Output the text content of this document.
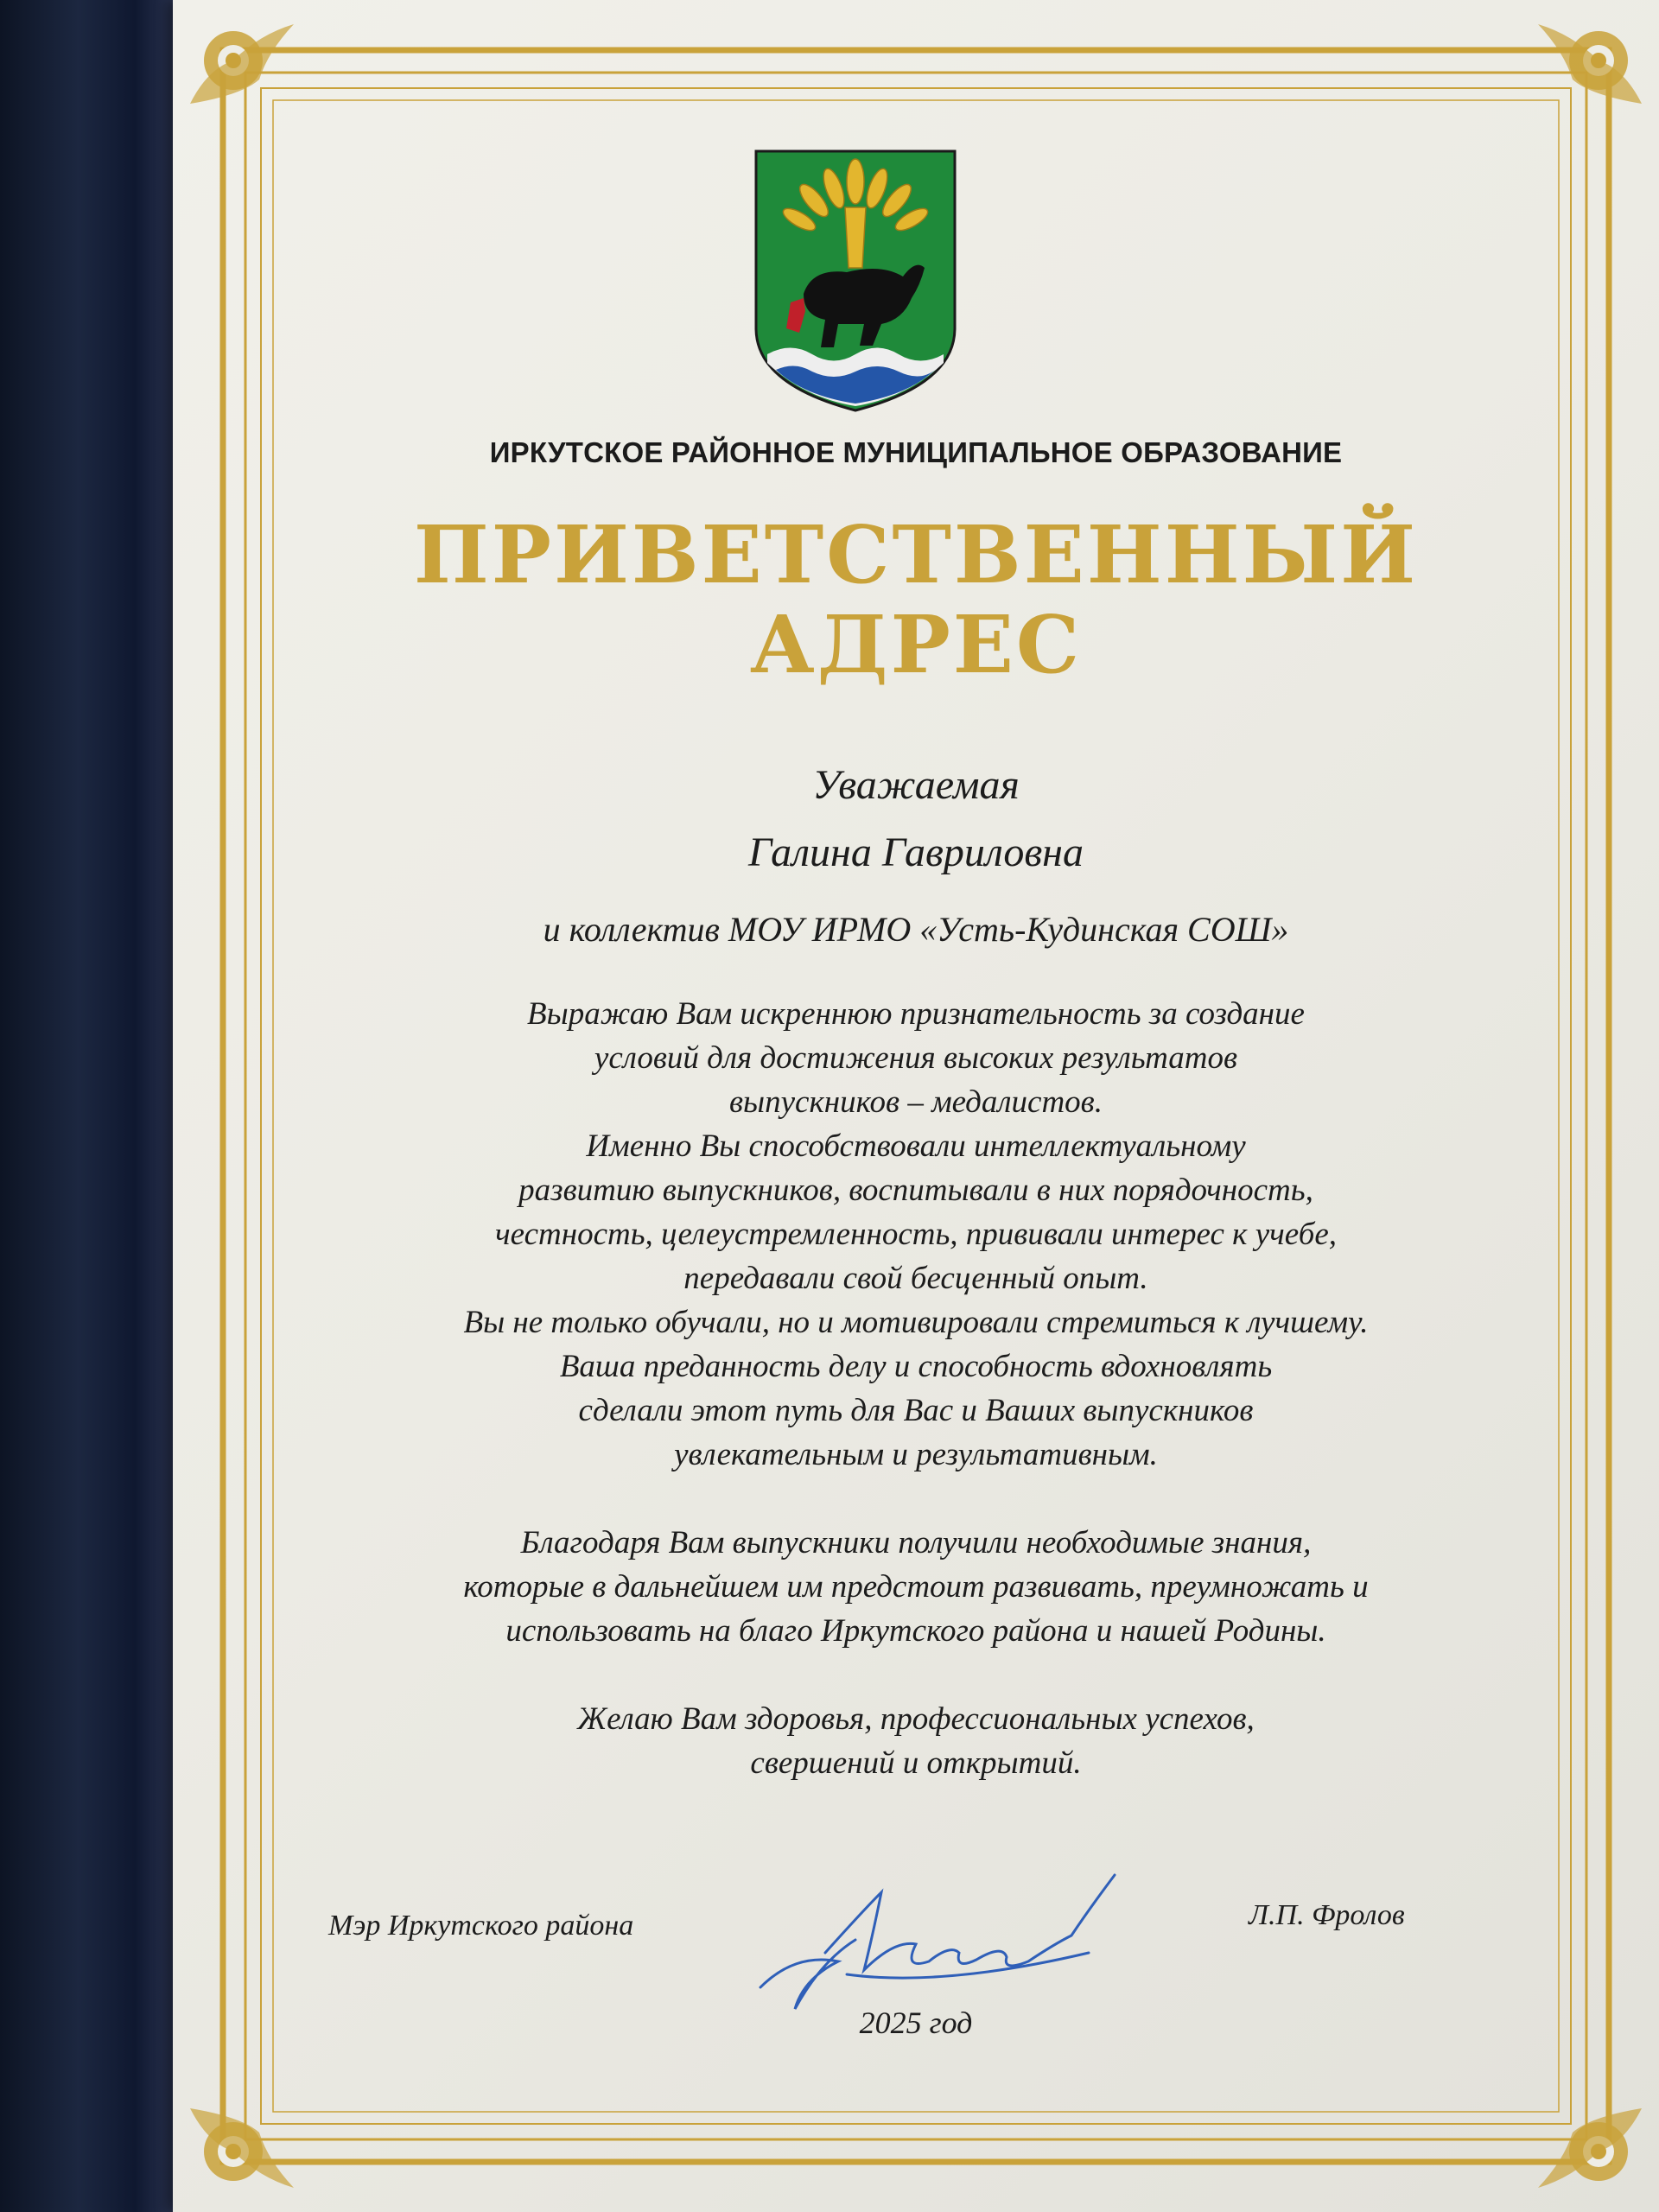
ИРКУТСКОЕ РАЙОННОЕ МУНИЦИПАЛЬНОЕ ОБРАЗОВАНИЕ
ПРИВЕТСТВЕННЫЙ
АДРЕС
Уважаемая
Галина Гавриловна
и коллектив МОУ ИРМО «Усть-Кудинская СОШ»
Выражаю Вам искреннюю признательность за создание
условий для достижения высоких результатов
выпускников – медалистов.
Именно Вы способствовали интеллектуальному
развитию выпускников, воспитывали в них порядочность,
честность, целеустремленность, прививали интерес к учебе,
передавали свой бесценный опыт.
Вы не только обучали, но и мотивировали стремиться к лучшему.
Ваша преданность делу и способность вдохновлять
сделали этот путь для Вас и Ваших выпускников
увлекательным и результативным.
Благодаря Вам выпускники получили необходимые знания,
которые в дальнейшем им предстоит развивать, преумножать и
использовать на благо Иркутского района и нашей Родины.
Желаю Вам здоровья, профессиональных успехов,
свершений и открытий.
Мэр Иркутского района	Л.П. Фролов
2025 год
